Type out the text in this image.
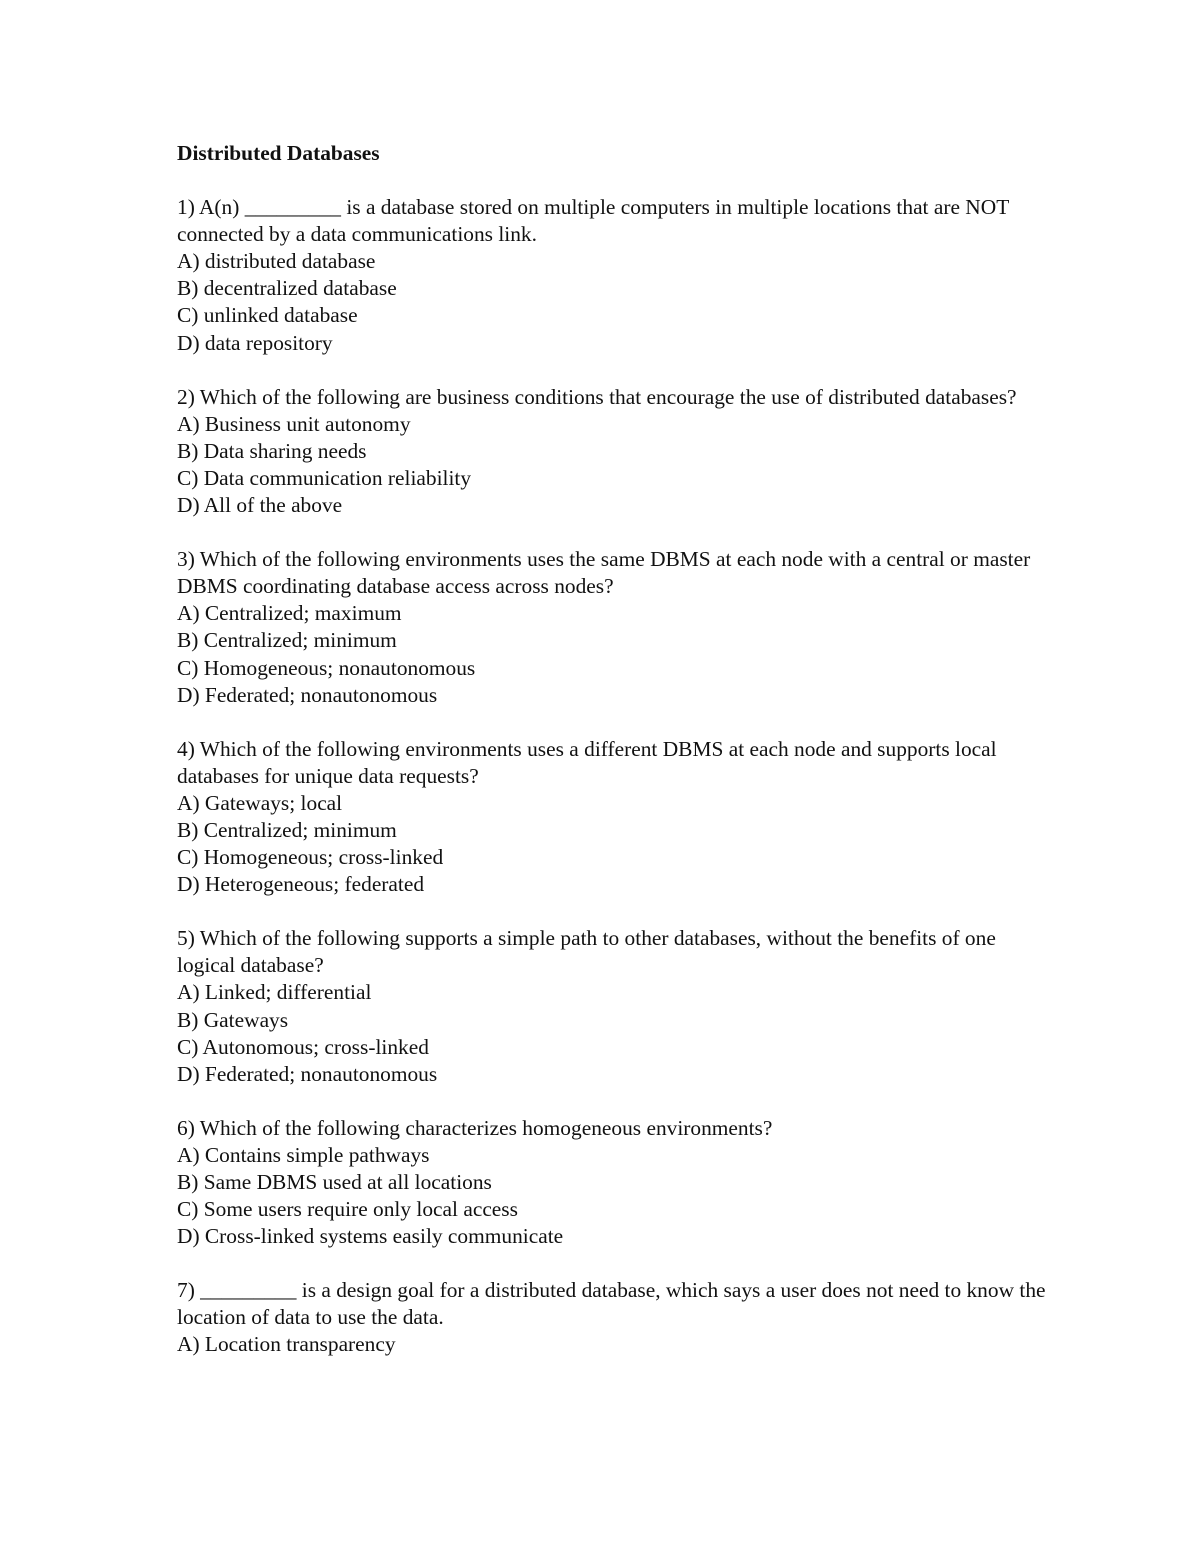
Distributed Databases

1) A(n) _________ is a database stored on multiple computers in multiple locations that are NOT connected by a data communications link.

A) distributed database
B) decentralized database
C) unlinked database
D) data repository

2) Which of the following are business conditions that encourage the use of distributed databases?

A) Business unit autonomy
B) Data sharing needs
C) Data communication reliability
D) All of the above

3) Which of the following environments uses the same DBMS at each node with a central or master DBMS coordinating database access across nodes?

A) Centralized; maximum
B) Centralized; minimum
C) Homogeneous; nonautonomous
D) Federated; nonautonomous

4) Which of the following environments uses a different DBMS at each node and supports local databases for unique data requests?

A) Gateways; local
B) Centralized; minimum
C) Homogeneous; cross-linked
D) Heterogeneous; federated

5) Which of the following supports a simple path to other databases, without the benefits of one logical database?

A) Linked; differential
B) Gateways
C) Autonomous; cross-linked
D) Federated; nonautonomous

6) Which of the following characterizes homogeneous environments?

A) Contains simple pathways
B) Same DBMS used at all locations
C) Some users require only local access
D) Cross-linked systems easily communicate

7) _________ is a design goal for a distributed database, which says a user does not need to know the location of data to use the data.

A) Location transparency
